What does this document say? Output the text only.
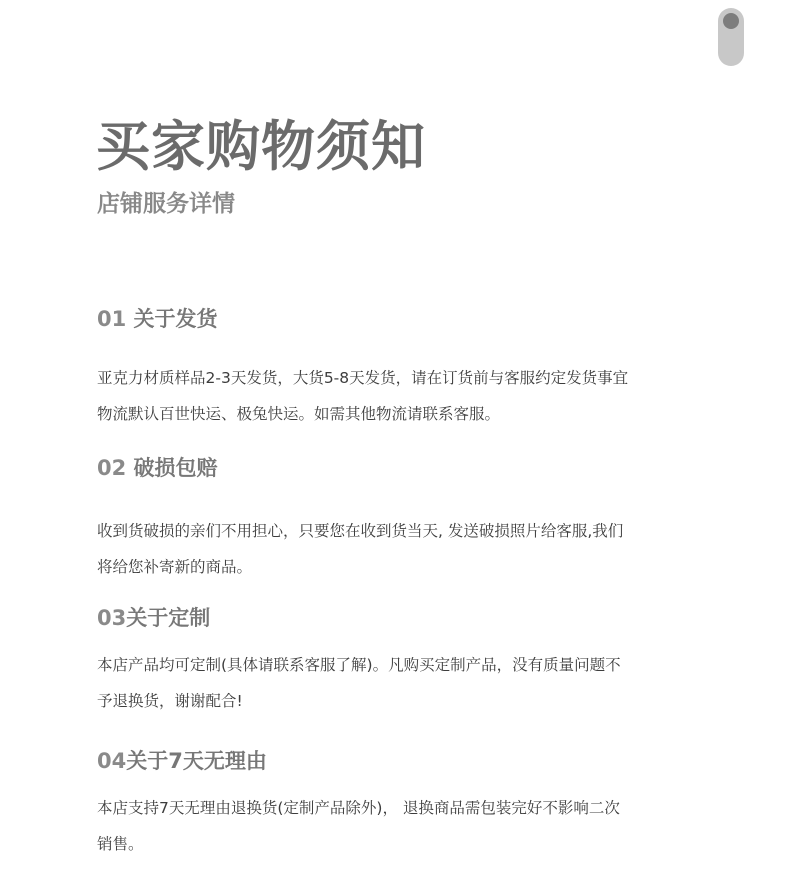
买家购物须知
店铺服务详情
01 关于发货

亚克力材质样品2-3天发货，大货5-8天发货，请在订货前与客服约定发货事宜
物流默认百世快运、极兔快运。如需其他物流请联系客服。

02 破损包赔

收到货破损的亲们不用担心，只要您在收到货当天, 发送破损照片给客服,我们
将给您补寄新的商品。

03关于定制

本店产品均可定制(具体请联系客服了解)。凡购买定制产品，没有质量问题不
予退换货，谢谢配合!

04关于7天无理由

本店支持7天无理由退换货(定制产品除外)， 退换商品需包装完好不影响二次
销售。
